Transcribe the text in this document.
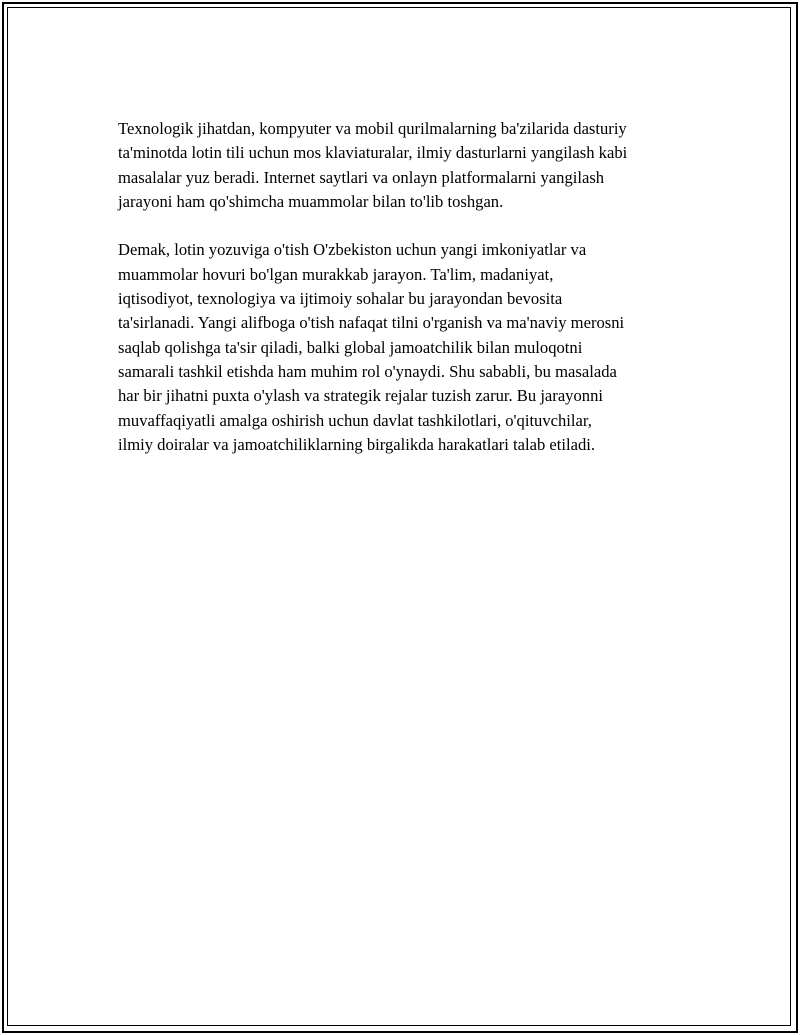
Texnologik jihatdan, kompyuter va mobil qurilmalarning ba'zilarida dasturiy
ta'minotda lotin tili uchun mos klaviaturalar, ilmiy dasturlarni yangilash kabi
masalalar yuz beradi. Internet saytlari va onlayn platformalarni yangilash
jarayoni ham qo'shimcha muammolar bilan to'lib toshgan.

Demak, lotin yozuviga o'tish O'zbekiston uchun yangi imkoniyatlar va
muammolar hovuri bo'lgan murakkab jarayon. Ta'lim, madaniyat,
iqtisodiyot, texnologiya va ijtimoiy sohalar bu jarayondan bevosita
ta'sirlanadi. Yangi alifboga o'tish nafaqat tilni o'rganish va ma'naviy merosni
saqlab qolishga ta'sir qiladi, balki global jamoatchilik bilan muloqotni
samarali tashkil etishda ham muhim rol o'ynaydi. Shu sababli, bu masalada
har bir jihatni puxta o'ylash va strategik rejalar tuzish zarur. Bu jarayonni
muvaffaqiyatli amalga oshirish uchun davlat tashkilotlari, o'qituvchilar,
ilmiy doiralar va jamoatchiliklarning birgalikda harakatlari talab etiladi.
